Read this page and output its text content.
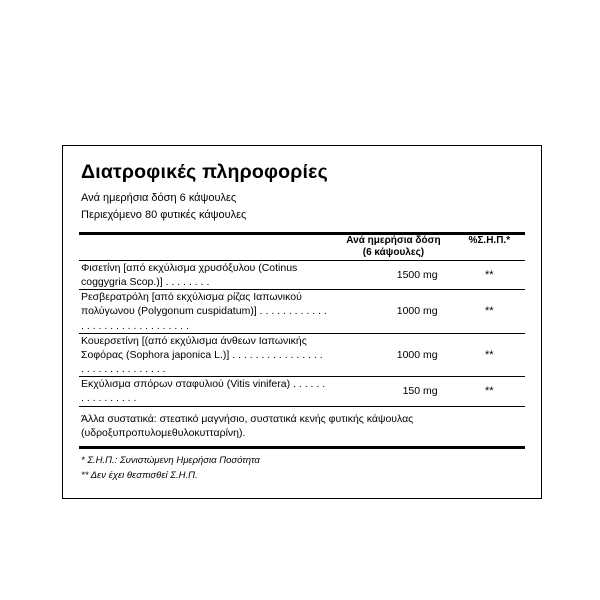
Διατροφικές πληροφορίες
Ανά ημερήσια δόση 6 κάψουλες
Περιεχόμενο 80 φυτικές κάψουλες

	Ανά ημερήσια δόση
(6 κάψουλες)	%Σ.Η.Π.*
Φισετίνη [από εκχύλισμα χρυσόξυλου (Cotinus coggygria Scop.)] . . . . . . . .	1500 mg	**
Ρεσβερατρόλη [από εκχύλισμα ρίζας Ιαπωνικού πολύγωνου (Polygonum cuspidatum)] . . . . . . . . . . . . . . . . . . . . . . . . . . . . . . .	1000 mg	**
Κουερσετίνη [(από εκχύλισμα άνθεων Ιαπωνικής Σοφόρας (Sophora japonica L.)] . . . . . . . . . . . . . . . . . . . . . . . . . . . . . . .	1000 mg	**
Εκχύλισμα σπόρων σταφυλιού (Vitis vinifera) . . . . . . . . . . . . . . . .	150 mg	**
Άλλα συστατικά: στεατικό μαγνήσιο, συστατικά κενής φυτικής κάψουλας (υδροξυπροπυλομεθυλοκυτταρίνη).
* Σ.Η.Π.: Συνιστώμενη Ημερήσια Ποσότητα
** Δεν έχει θεσπισθεί Σ.Η.Π.
